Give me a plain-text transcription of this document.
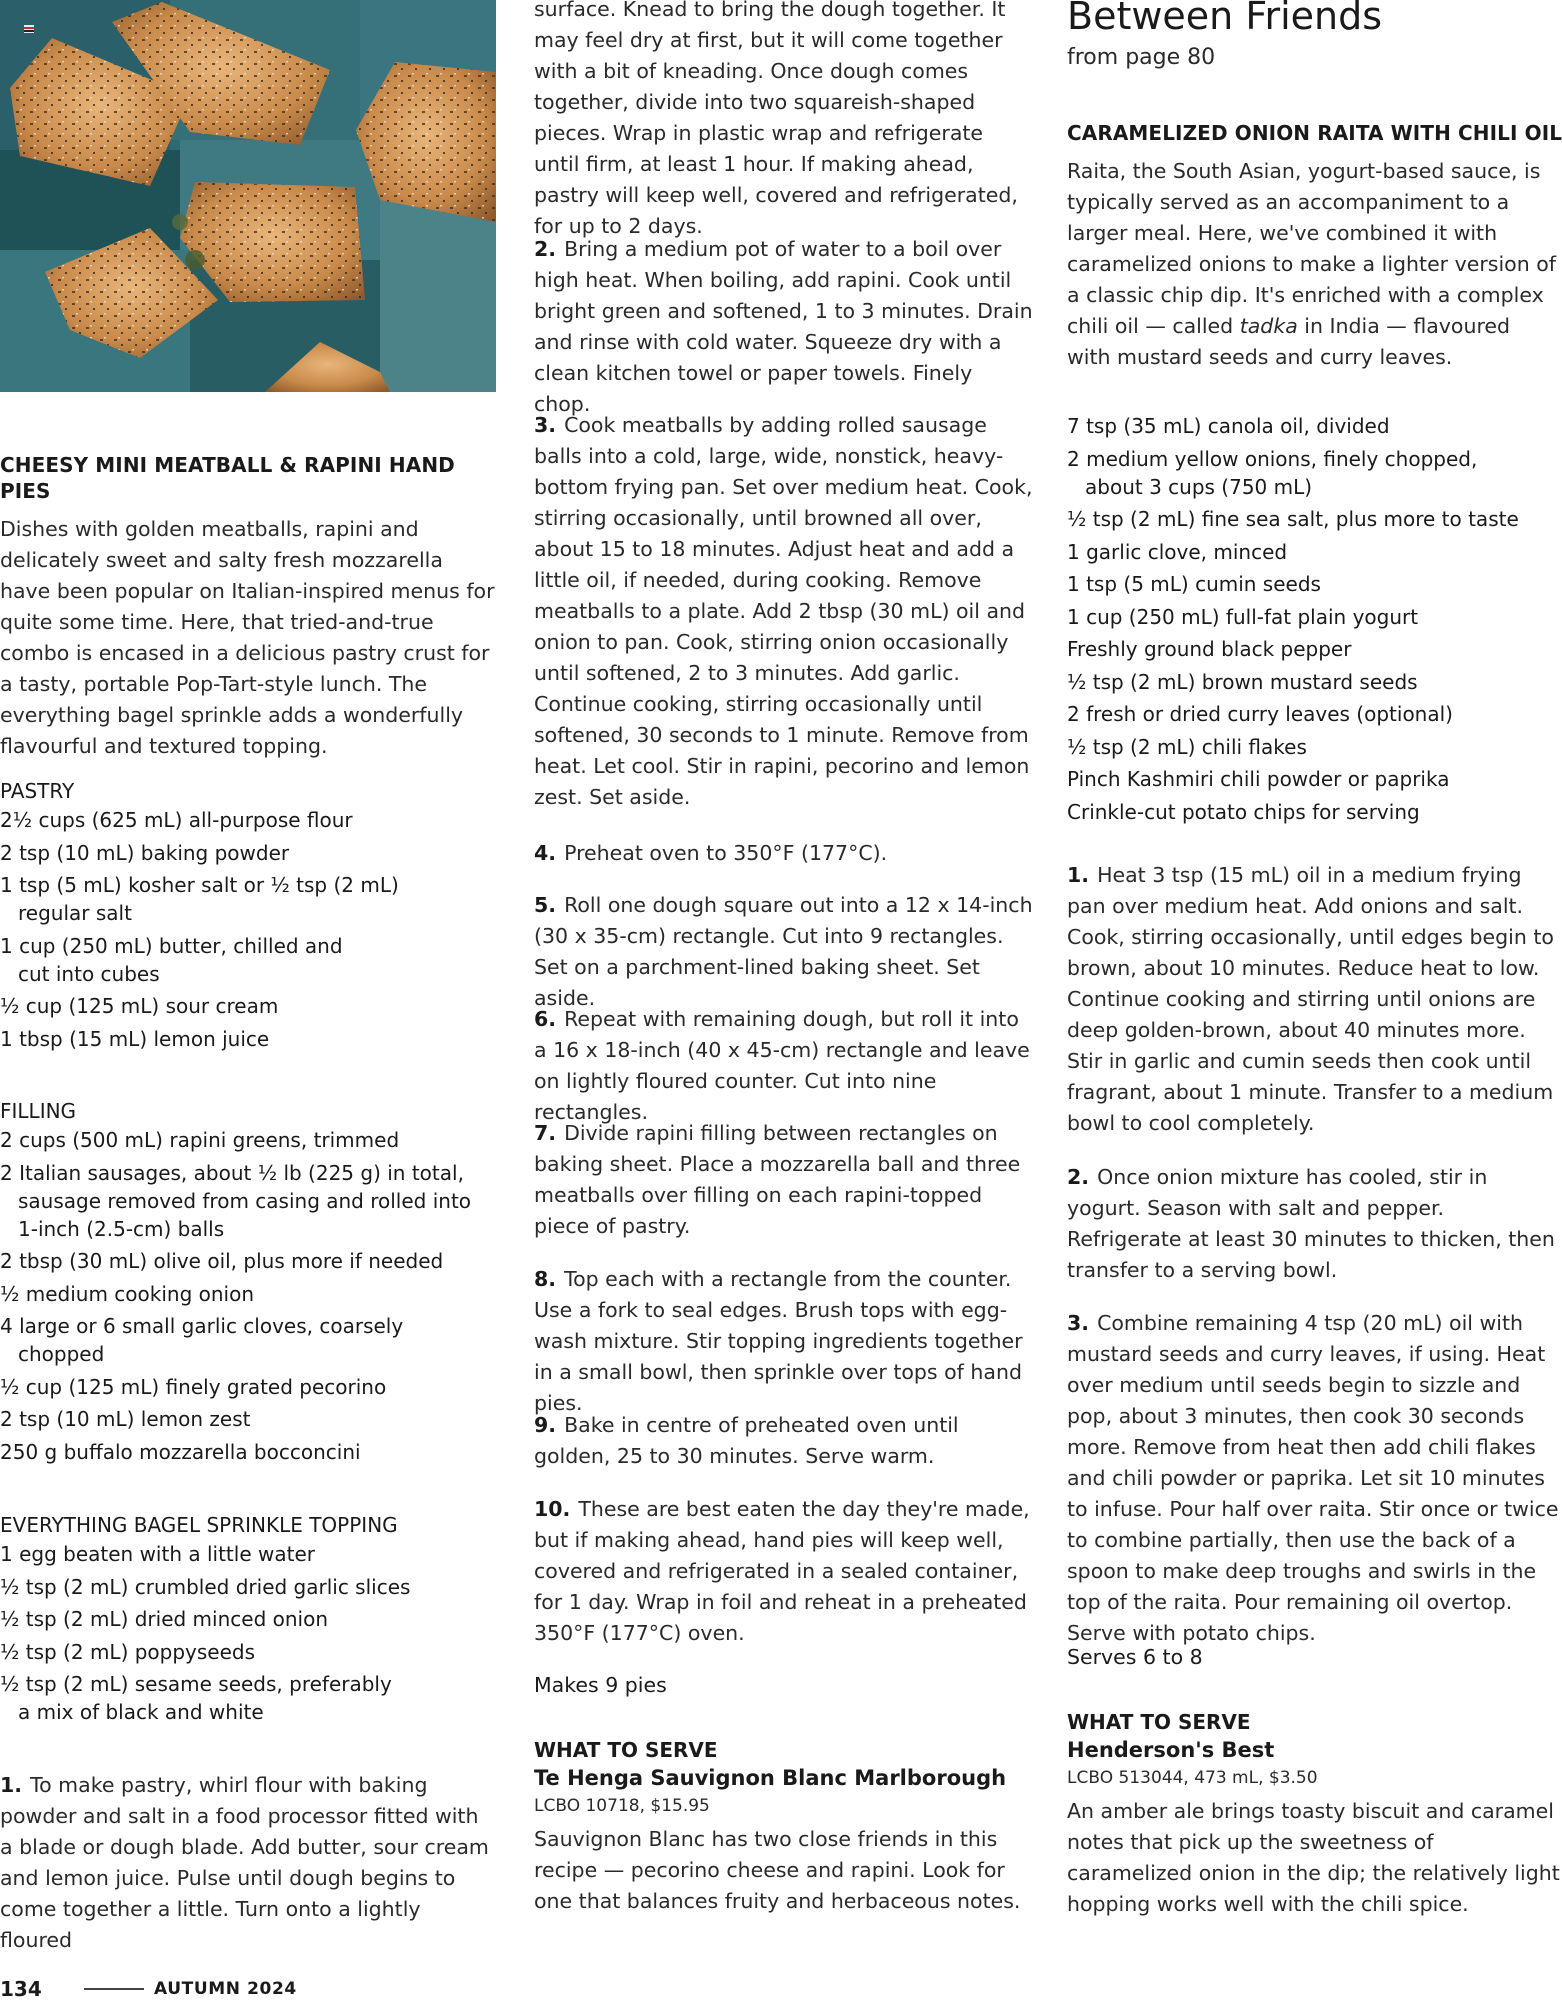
CHEESY MINI MEATBALL & RAPINI HAND PIES

Dishes with golden meatballs, rapini and delicately sweet and salty fresh mozzarella have been popular on Italian-inspired menus for quite some time. Here, that tried-and-true combo is encased in a delicious pastry crust for a tasty, portable Pop-Tart-style lunch. The everything bagel sprinkle adds a wonderfully flavourful and textured topping.

PASTRY
2½ cups (625 mL) all-purpose flour
2 tsp (10 mL) baking powder
1 tsp (5 mL) kosher salt or ½ tsp (2 mL) regular salt
1 cup (250 mL) butter, chilled and cut into cubes
½ cup (125 mL) sour cream
1 tbsp (15 mL) lemon juice
FILLING
2 cups (500 mL) rapini greens, trimmed
2 Italian sausages, about ½ lb (225 g) in total, sausage removed from casing and rolled into 1-inch (2.5-cm) balls
2 tbsp (30 mL) olive oil, plus more if needed
½ medium cooking onion
4 large or 6 small garlic cloves, coarsely chopped
½ cup (125 mL) finely grated pecorino
2 tsp (10 mL) lemon zest
250 g buffalo mozzarella bocconcini
EVERYTHING BAGEL SPRINKLE TOPPING
1 egg beaten with a little water
½ tsp (2 mL) crumbled dried garlic slices
½ tsp (2 mL) dried minced onion
½ tsp (2 mL) poppyseeds
½ tsp (2 mL) sesame seeds, preferably a mix of black and white
1. To make pastry, whirl flour with baking powder and salt in a food processor fitted with a blade or dough blade. Add butter, sour cream and lemon juice. Pulse until dough begins to come together a little. Turn onto a lightly floured
134	AUTUMN 2024
surface. Knead to bring the dough together. It may feel dry at first, but it will come together with a bit of kneading. Once dough comes together, divide into two squareish-shaped pieces. Wrap in plastic wrap and refrigerate until firm, at least 1 hour. If making ahead, pastry will keep well, covered and refrigerated, for up to 2 days.
2. Bring a medium pot of water to a boil over high heat. When boiling, add rapini. Cook until bright green and softened, 1 to 3 minutes. Drain and rinse with cold water. Squeeze dry with a clean kitchen towel or paper towels. Finely chop.
3. Cook meatballs by adding rolled sausage balls into a cold, large, wide, nonstick, heavy-bottom frying pan. Set over medium heat. Cook, stirring occasionally, until browned all over, about 15 to 18 minutes. Adjust heat and add a little oil, if needed, during cooking. Remove meatballs to a plate. Add 2 tbsp (30 mL) oil and onion to pan. Cook, stirring onion occasionally until softened, 2 to 3 minutes. Add garlic. Continue cooking, stirring occasionally until softened, 30 seconds to 1 minute. Remove from heat. Let cool. Stir in rapini, pecorino and lemon zest. Set aside.
4. Preheat oven to 350°F (177°C).
5. Roll one dough square out into a 12 x 14-inch (30 x 35-cm) rectangle. Cut into 9 rectangles. Set on a parchment-lined baking sheet. Set aside.
6. Repeat with remaining dough, but roll it into a 16 x 18-inch (40 x 45-cm) rectangle and leave on lightly floured counter. Cut into nine rectangles.
7. Divide rapini filling between rectangles on baking sheet. Place a mozzarella ball and three meatballs over filling on each rapini-topped piece of pastry.
8. Top each with a rectangle from the counter. Use a fork to seal edges. Brush tops with egg-wash mixture. Stir topping ingredients together in a small bowl, then sprinkle over tops of hand pies.
9. Bake in centre of preheated oven until golden, 25 to 30 minutes. Serve warm.
10. These are best eaten the day they're made, but if making ahead, hand pies will keep well, covered and refrigerated in a sealed container, for 1 day. Wrap in foil and reheat in a preheated 350°F (177°C) oven.
Makes 9 pies
WHAT TO SERVE
Te Henga Sauvignon Blanc Marlborough
LCBO 10718, $15.95

Sauvignon Blanc has two close friends in this recipe — pecorino cheese and rapini. Look for one that balances fruity and herbaceous notes.

Between Friends
from page 80
CARAMELIZED ONION RAITA WITH CHILI OIL

Raita, the South Asian, yogurt-based sauce, is typically served as an accompaniment to a larger meal. Here, we've combined it with caramelized onions to make a lighter version of a classic chip dip. It's enriched with a complex chili oil — called tadka in India — flavoured with mustard seeds and curry leaves.

7 tsp (35 mL) canola oil, divided
2 medium yellow onions, finely chopped, about 3 cups (750 mL)
½ tsp (2 mL) fine sea salt, plus more to taste
1 garlic clove, minced
1 tsp (5 mL) cumin seeds
1 cup (250 mL) full-fat plain yogurt
Freshly ground black pepper
½ tsp (2 mL) brown mustard seeds
2 fresh or dried curry leaves (optional)
½ tsp (2 mL) chili flakes
Pinch Kashmiri chili powder or paprika
Crinkle-cut potato chips for serving
1. Heat 3 tsp (15 mL) oil in a medium frying pan over medium heat. Add onions and salt. Cook, stirring occasionally, until edges begin to brown, about 10 minutes. Reduce heat to low. Continue cooking and stirring until onions are deep golden-brown, about 40 minutes more. Stir in garlic and cumin seeds then cook until fragrant, about 1 minute. Transfer to a medium bowl to cool completely.
2. Once onion mixture has cooled, stir in yogurt. Season with salt and pepper. Refrigerate at least 30 minutes to thicken, then transfer to a serving bowl.
3. Combine remaining 4 tsp (20 mL) oil with mustard seeds and curry leaves, if using. Heat over medium until seeds begin to sizzle and pop, about 3 minutes, then cook 30 seconds more. Remove from heat then add chili flakes and chili powder or paprika. Let sit 10 minutes to infuse. Pour half over raita. Stir once or twice to combine partially, then use the back of a spoon to make deep troughs and swirls in the top of the raita. Pour remaining oil overtop. Serve with potato chips.
Serves 6 to 8
WHAT TO SERVE
Henderson's Best
LCBO 513044, 473 mL, $3.50

An amber ale brings toasty biscuit and caramel notes that pick up the sweetness of caramelized onion in the dip; the relatively light hopping works well with the chili spice.
